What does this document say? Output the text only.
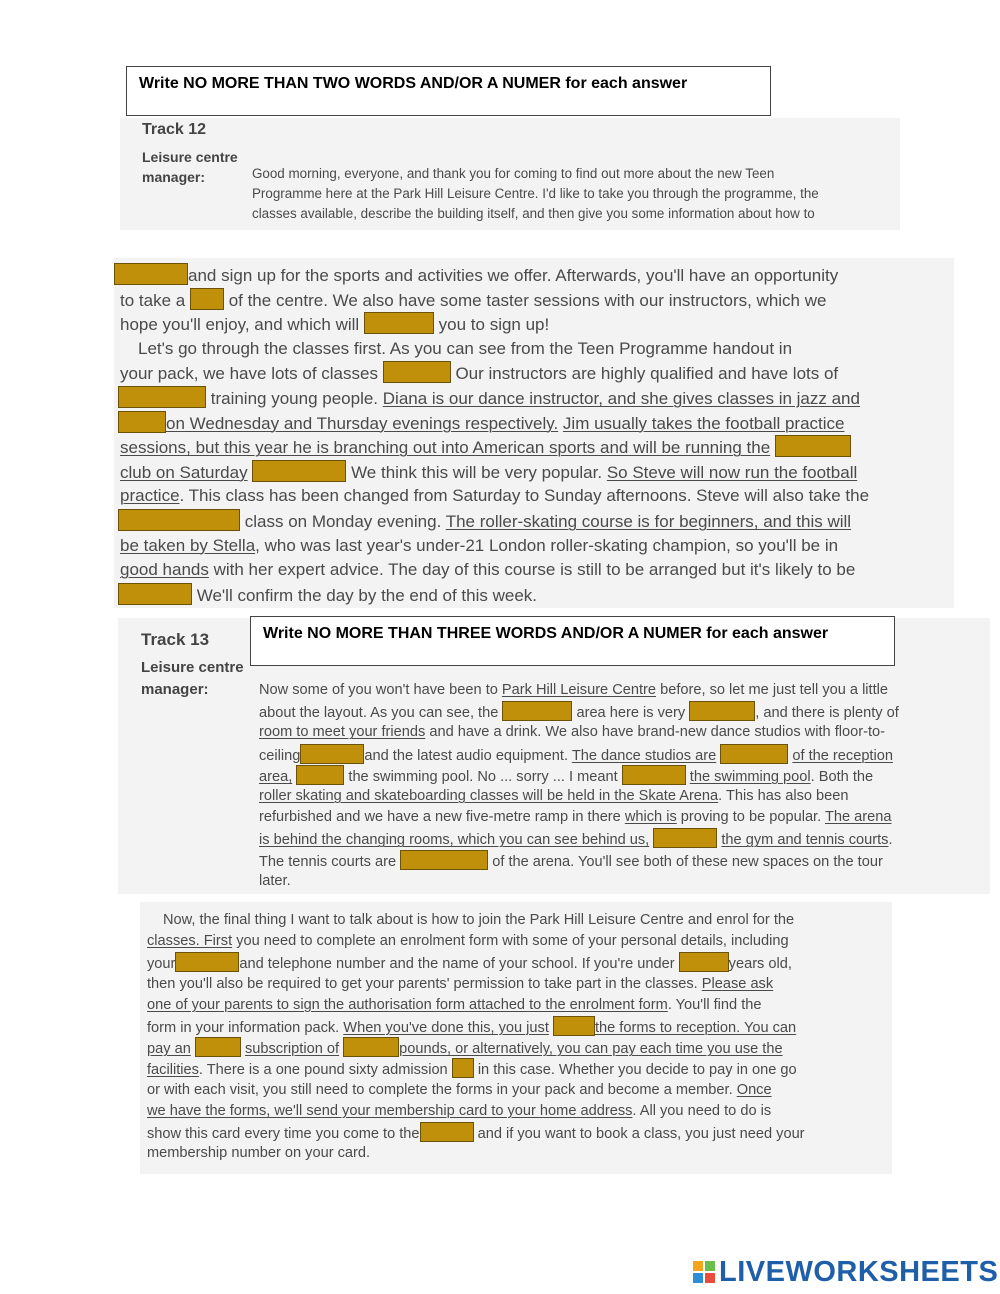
Write NO MORE THAN TWO WORDS AND/OR A NUMER for each answer
Track 12
Leisure centre
manager:	Good morning, everyone, and thank you for coming to find out more about the new Teen
Programme here at the Park Hill Leisure Centre. I'd like to take you through the programme, the
classes available, describe the building itself, and then give you some information about how to
and sign up for the sports and activities we offer. Afterwards, you'll have an opportunity
to take a	of the centre. We also have some taster sessions with our instructors, which we
hope you'll enjoy, and which will	you to sign up!
Let's go through the classes first. As you can see from the Teen Programme handout in
your pack, we have lots of classes	Our instructors are highly qualified and have lots of
training young people. Diana is our dance instructor, and she gives classes in jazz and
on Wednesday and Thursday evenings respectively. Jim usually takes the football practice
sessions, but this year he is branching out into American sports and will be running the
club on Saturday	We think this will be very popular. So Steve will now run the football
practice. This class has been changed from Saturday to Sunday afternoons. Steve will also take the
class on Monday evening. The roller-skating course is for beginners, and this will
be taken by Stella, who was last year's under-21 London roller-skating champion, so you'll be in
good hands with her expert advice. The day of this course is still to be arranged but it's likely to be
We'll confirm the day by the end of this week.
Track 13
Leisure centre
manager:
Write NO MORE THAN THREE WORDS AND/OR A NUMER for each answer
Now some of you won't have been to Park Hill Leisure Centre before, so let me just tell you a little
about the layout. As you can see, the	area here is very	, and there is plenty of
room to meet your friends and have a drink. We also have brand-new dance studios with floor-to-
ceiling	and the latest audio equipment. The dance studios are	of the reception
area,	the swimming pool. No ... sorry ... I meant	the swimming pool. Both the
roller skating and skateboarding classes will be held in the Skate Arena. This has also been
refurbished and we have a new five-metre ramp in there which is proving to be popular. The arena
is behind the changing rooms, which you can see behind us,	the gym and tennis courts.
The tennis courts are	of the arena. You'll see both of these new spaces on the tour
later.
Now, the final thing I want to talk about is how to join the Park Hill Leisure Centre and enrol for the
classes. First you need to complete an enrolment form with some of your personal details, including
your	and telephone number and the name of your school. If you're under	years old,
then you'll also be required to get your parents' permission to take part in the classes. Please ask
one of your parents to sign the authorisation form attached to the enrolment form. You'll find the
form in your information pack. When you've done this, you just	the forms to reception. You can
pay an	subscription of	pounds, or alternatively, you can pay each time you use the
facilities. There is a one pound sixty admission in this case. Whether you decide to pay in one go
or with each visit, you still need to complete the forms in your pack and become a member. Once
we have the forms, we'll send your membership card to your home address. All you need to do is
show this card every time you come to the	and if you want to book a class, you just need your
membership number on your card.
LIVEWORKSHEETS
